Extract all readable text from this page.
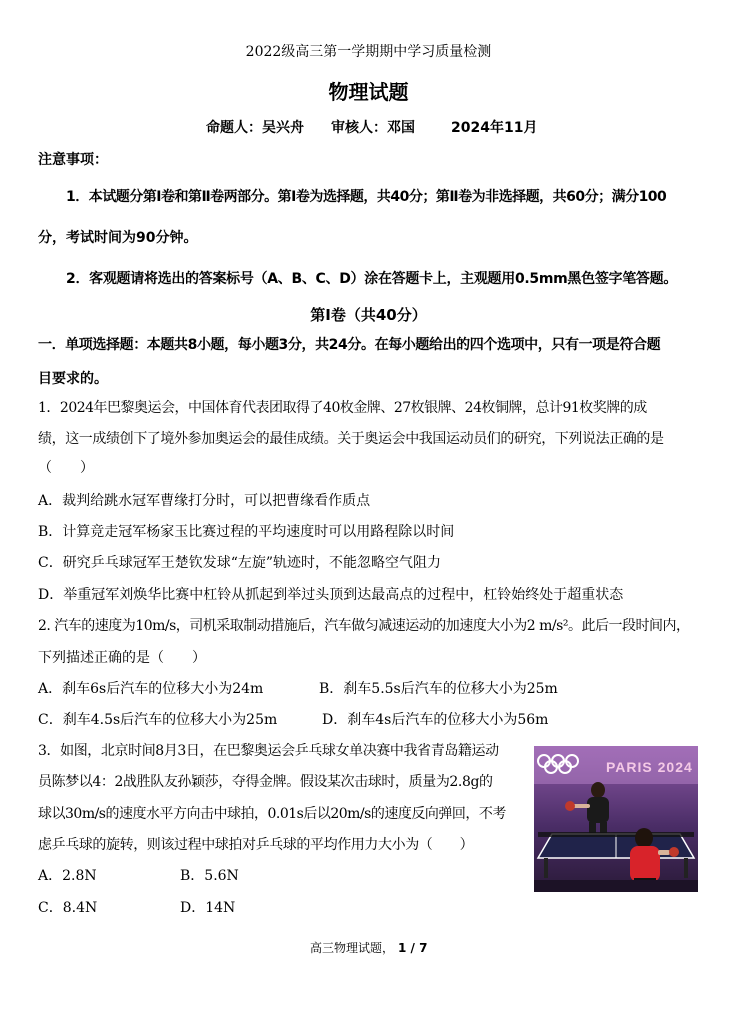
2022级高三第一学期期中学习质量检测
物理试题
命题人：吴兴舟 审核人：邓国	2024年11月
注意事项：
1．本试题分第Ⅰ卷和第Ⅱ卷两部分。第Ⅰ卷为选择题，共40分；第Ⅱ卷为非选择题，共60分；满分100
分，考试时间为90分钟。
2．客观题请将选出的答案标号（A、B、C、D）涂在答题卡上，主观题用0.5mm黑色签字笔答题。
第Ⅰ卷（共40分）
一．单项选择题：本题共8小题，每小题3分，共24分。在每小题给出的四个选项中，只有一项是符合题
目要求的。
1．2024年巴黎奥运会，中国体育代表团取得了40枚金牌、27枚银牌、24枚铜牌，总计91枚奖牌的成
绩，这一成绩创下了境外参加奥运会的最佳成绩。关于奥运会中我国运动员们的研究，下列说法正确的是
（　　）
A．裁判给跳水冠军曹缘打分时，可以把曹缘看作质点
B．计算竞走冠军杨家玉比赛过程的平均速度时可以用路程除以时间
C．研究乒乓球冠军王楚钦发球“左旋”轨迹时，不能忽略空气阻力
D．举重冠军刘焕华比赛中杠铃从抓起到举过头顶到达最高点的过程中，杠铃始终处于超重状态
2. 汽车的速度为10m/s，司机采取制动措施后，汽车做匀减速运动的加速度大小为2 m/s²。此后一段时间内，
下列描述正确的是（　　）
A．刹车6s后汽车的位移大小为24m	B．刹车5.5s后汽车的位移大小为25m
C．刹车4.5s后汽车的位移大小为25m	D．刹车4s后汽车的位移大小为56m
3．如图，北京时间8月3日，在巴黎奥运会乒乓球女单决赛中我省青岛籍运动
员陈梦以4：2战胜队友孙颖莎，夺得金牌。假设某次击球时，质量为2.8g的
球以30m/s的速度水平方向击中球拍，0.01s后以20m/s的速度反向弹回，不考
虑乒乓球的旋转，则该过程中球拍对乒乓球的平均作用力大小为（　　）
A．2.8N	B．5.6N
C．8.4N	D．14N
PARIS 2024
高三物理试题， 1 / 7
